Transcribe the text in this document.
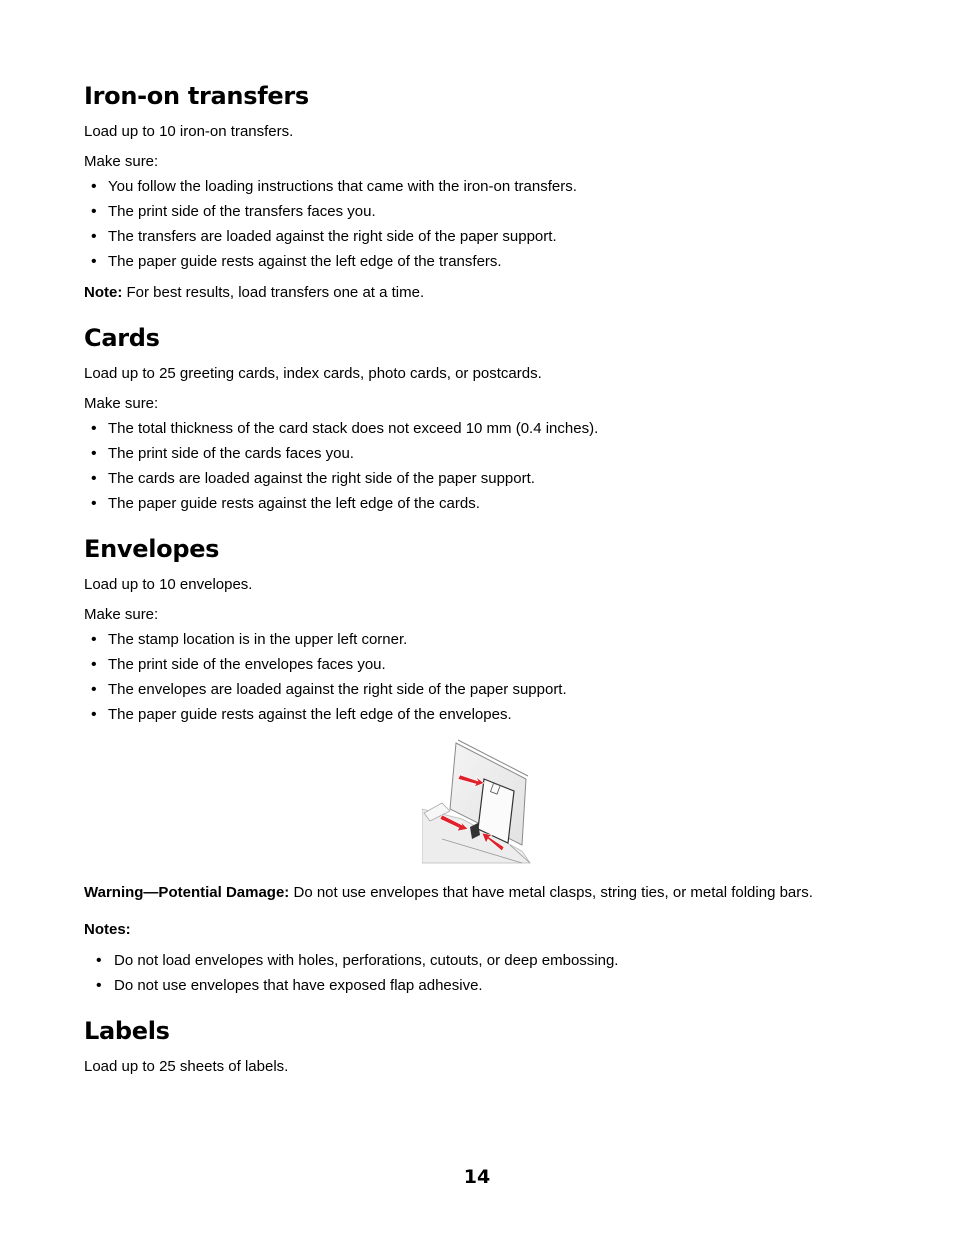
Iron-on transfers

Load up to 10 iron-on transfers.

Make sure:

• You follow the loading instructions that came with the iron-on transfers.
• The print side of the transfers faces you.
• The transfers are loaded against the right side of the paper support.
• The paper guide rests against the left edge of the transfers.

Note: For best results, load transfers one at a time.

Cards

Load up to 25 greeting cards, index cards, photo cards, or postcards.

Make sure:

• The total thickness of the card stack does not exceed 10 mm (0.4 inches).
• The print side of the cards faces you.
• The cards are loaded against the right side of the paper support.
• The paper guide rests against the left edge of the cards.
Envelopes

Load up to 10 envelopes.

Make sure:

• The stamp location is in the upper left corner.
• The print side of the envelopes faces you.
• The envelopes are loaded against the right side of the paper support.
• The paper guide rests against the left edge of the envelopes.

Warning—Potential Damage: Do not use envelopes that have metal clasps, string ties, or metal folding bars.

Notes:

• Do not load envelopes with holes, perforations, cutouts, or deep embossing.
• Do not use envelopes that have exposed flap adhesive.
Labels

Load up to 25 sheets of labels.

14
